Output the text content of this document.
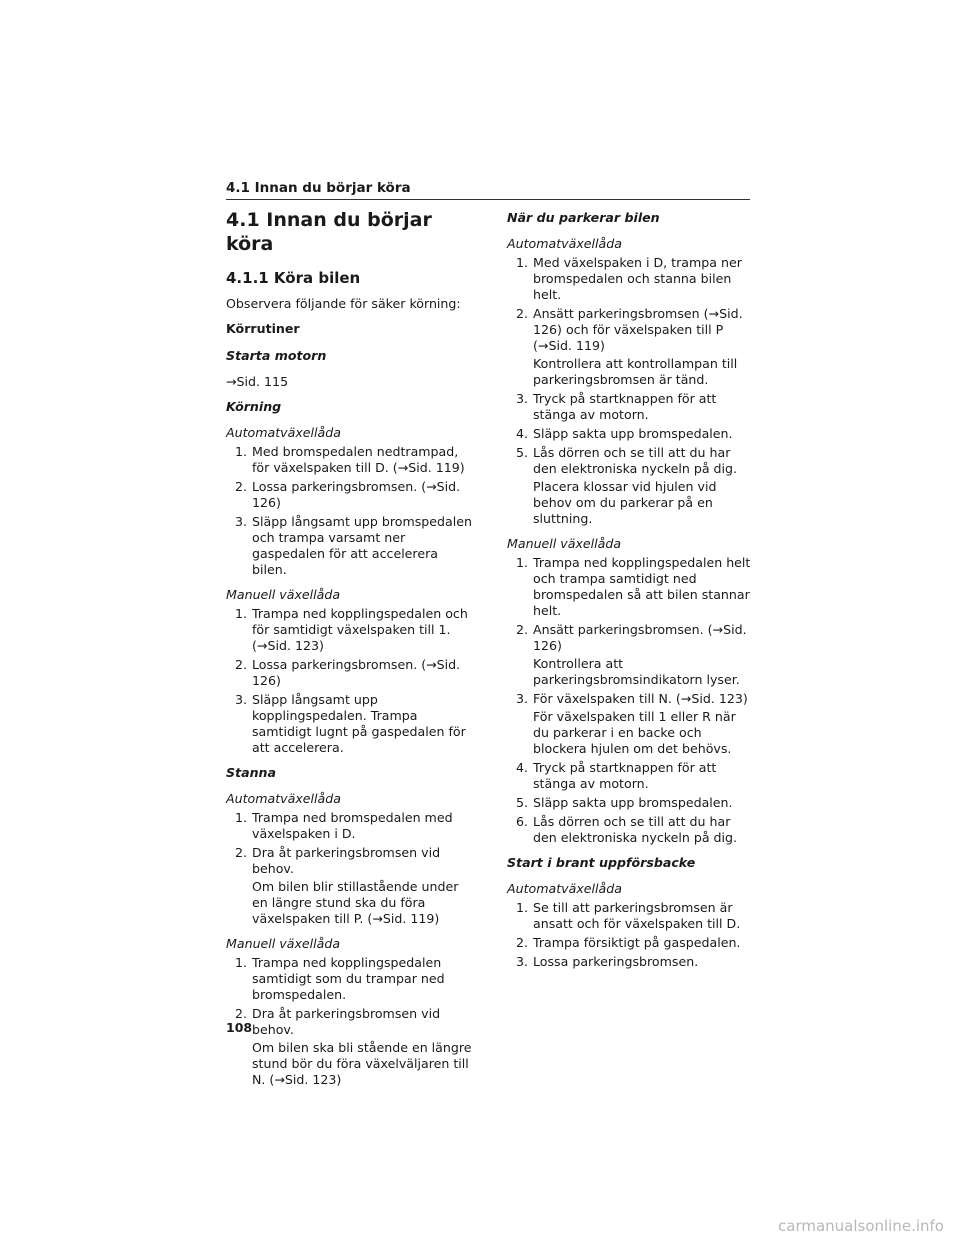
4.1 Innan du börjar köra
4.1 Innan du börjar köra
4.1.1 Köra bilen
Observera följande för säker körning:
Körrutiner
Starta motorn
→Sid. 115
Körning
Automatväxellåda
1. Med bromspedalen nedtrampad, för växelspaken till D. (→Sid. 119)
2. Lossa parkeringsbromsen. (→Sid. 126)
3. Släpp långsamt upp bromspedalen och trampa varsamt ner gaspedalen för att accelerera bilen.
Manuell växellåda
1. Trampa ned kopplingspedalen och för samtidigt växelspaken till 1. (→Sid. 123)
2. Lossa parkeringsbromsen. (→Sid. 126)
3. Släpp långsamt upp kopplingspedalen. Trampa samtidigt lugnt på gaspedalen för att accelerera.
Stanna
Automatväxellåda
1. Trampa ned bromspedalen med växelspaken i D.
2. Dra åt parkeringsbromsen vid behov.
Om bilen blir stillastående under en längre stund ska du föra växelspaken till P. (→Sid. 119)
Manuell växellåda
1. Trampa ned kopplingspedalen samtidigt som du trampar ned bromspedalen.
2. Dra åt parkeringsbromsen vid behov.
Om bilen ska bli stående en längre stund bör du föra växelväljaren till N. (→Sid. 123)
När du parkerar bilen
Automatväxellåda
1. Med växelspaken i D, trampa ner bromspedalen och stanna bilen helt.
2. Ansätt parkeringsbromsen (→Sid. 126) och för växelspaken till P (→Sid. 119)
Kontrollera att kontrollampan till parkeringsbromsen är tänd.
3. Tryck på startknappen för att stänga av motorn.
4. Släpp sakta upp bromspedalen.
5. Lås dörren och se till att du har den elektroniska nyckeln på dig.
Placera klossar vid hjulen vid behov om du parkerar på en sluttning.
Manuell växellåda
1. Trampa ned kopplingspedalen helt och trampa samtidigt ned bromspedalen så att bilen stannar helt.
2. Ansätt parkeringsbromsen. (→Sid. 126)
Kontrollera att parkeringsbromsindikatorn lyser.
3. För växelspaken till N. (→Sid. 123)
För växelspaken till 1 eller R när du parkerar i en backe och blockera hjulen om det behövs.
4. Tryck på startknappen för att stänga av motorn.
5. Släpp sakta upp bromspedalen.
6. Lås dörren och se till att du har den elektroniska nyckeln på dig.
Start i brant uppförsbacke
Automatväxellåda
1. Se till att parkeringsbromsen är ansatt och för växelspaken till D.
2. Trampa försiktigt på gaspedalen.
3. Lossa parkeringsbromsen.
108
carmanualsonline.info
